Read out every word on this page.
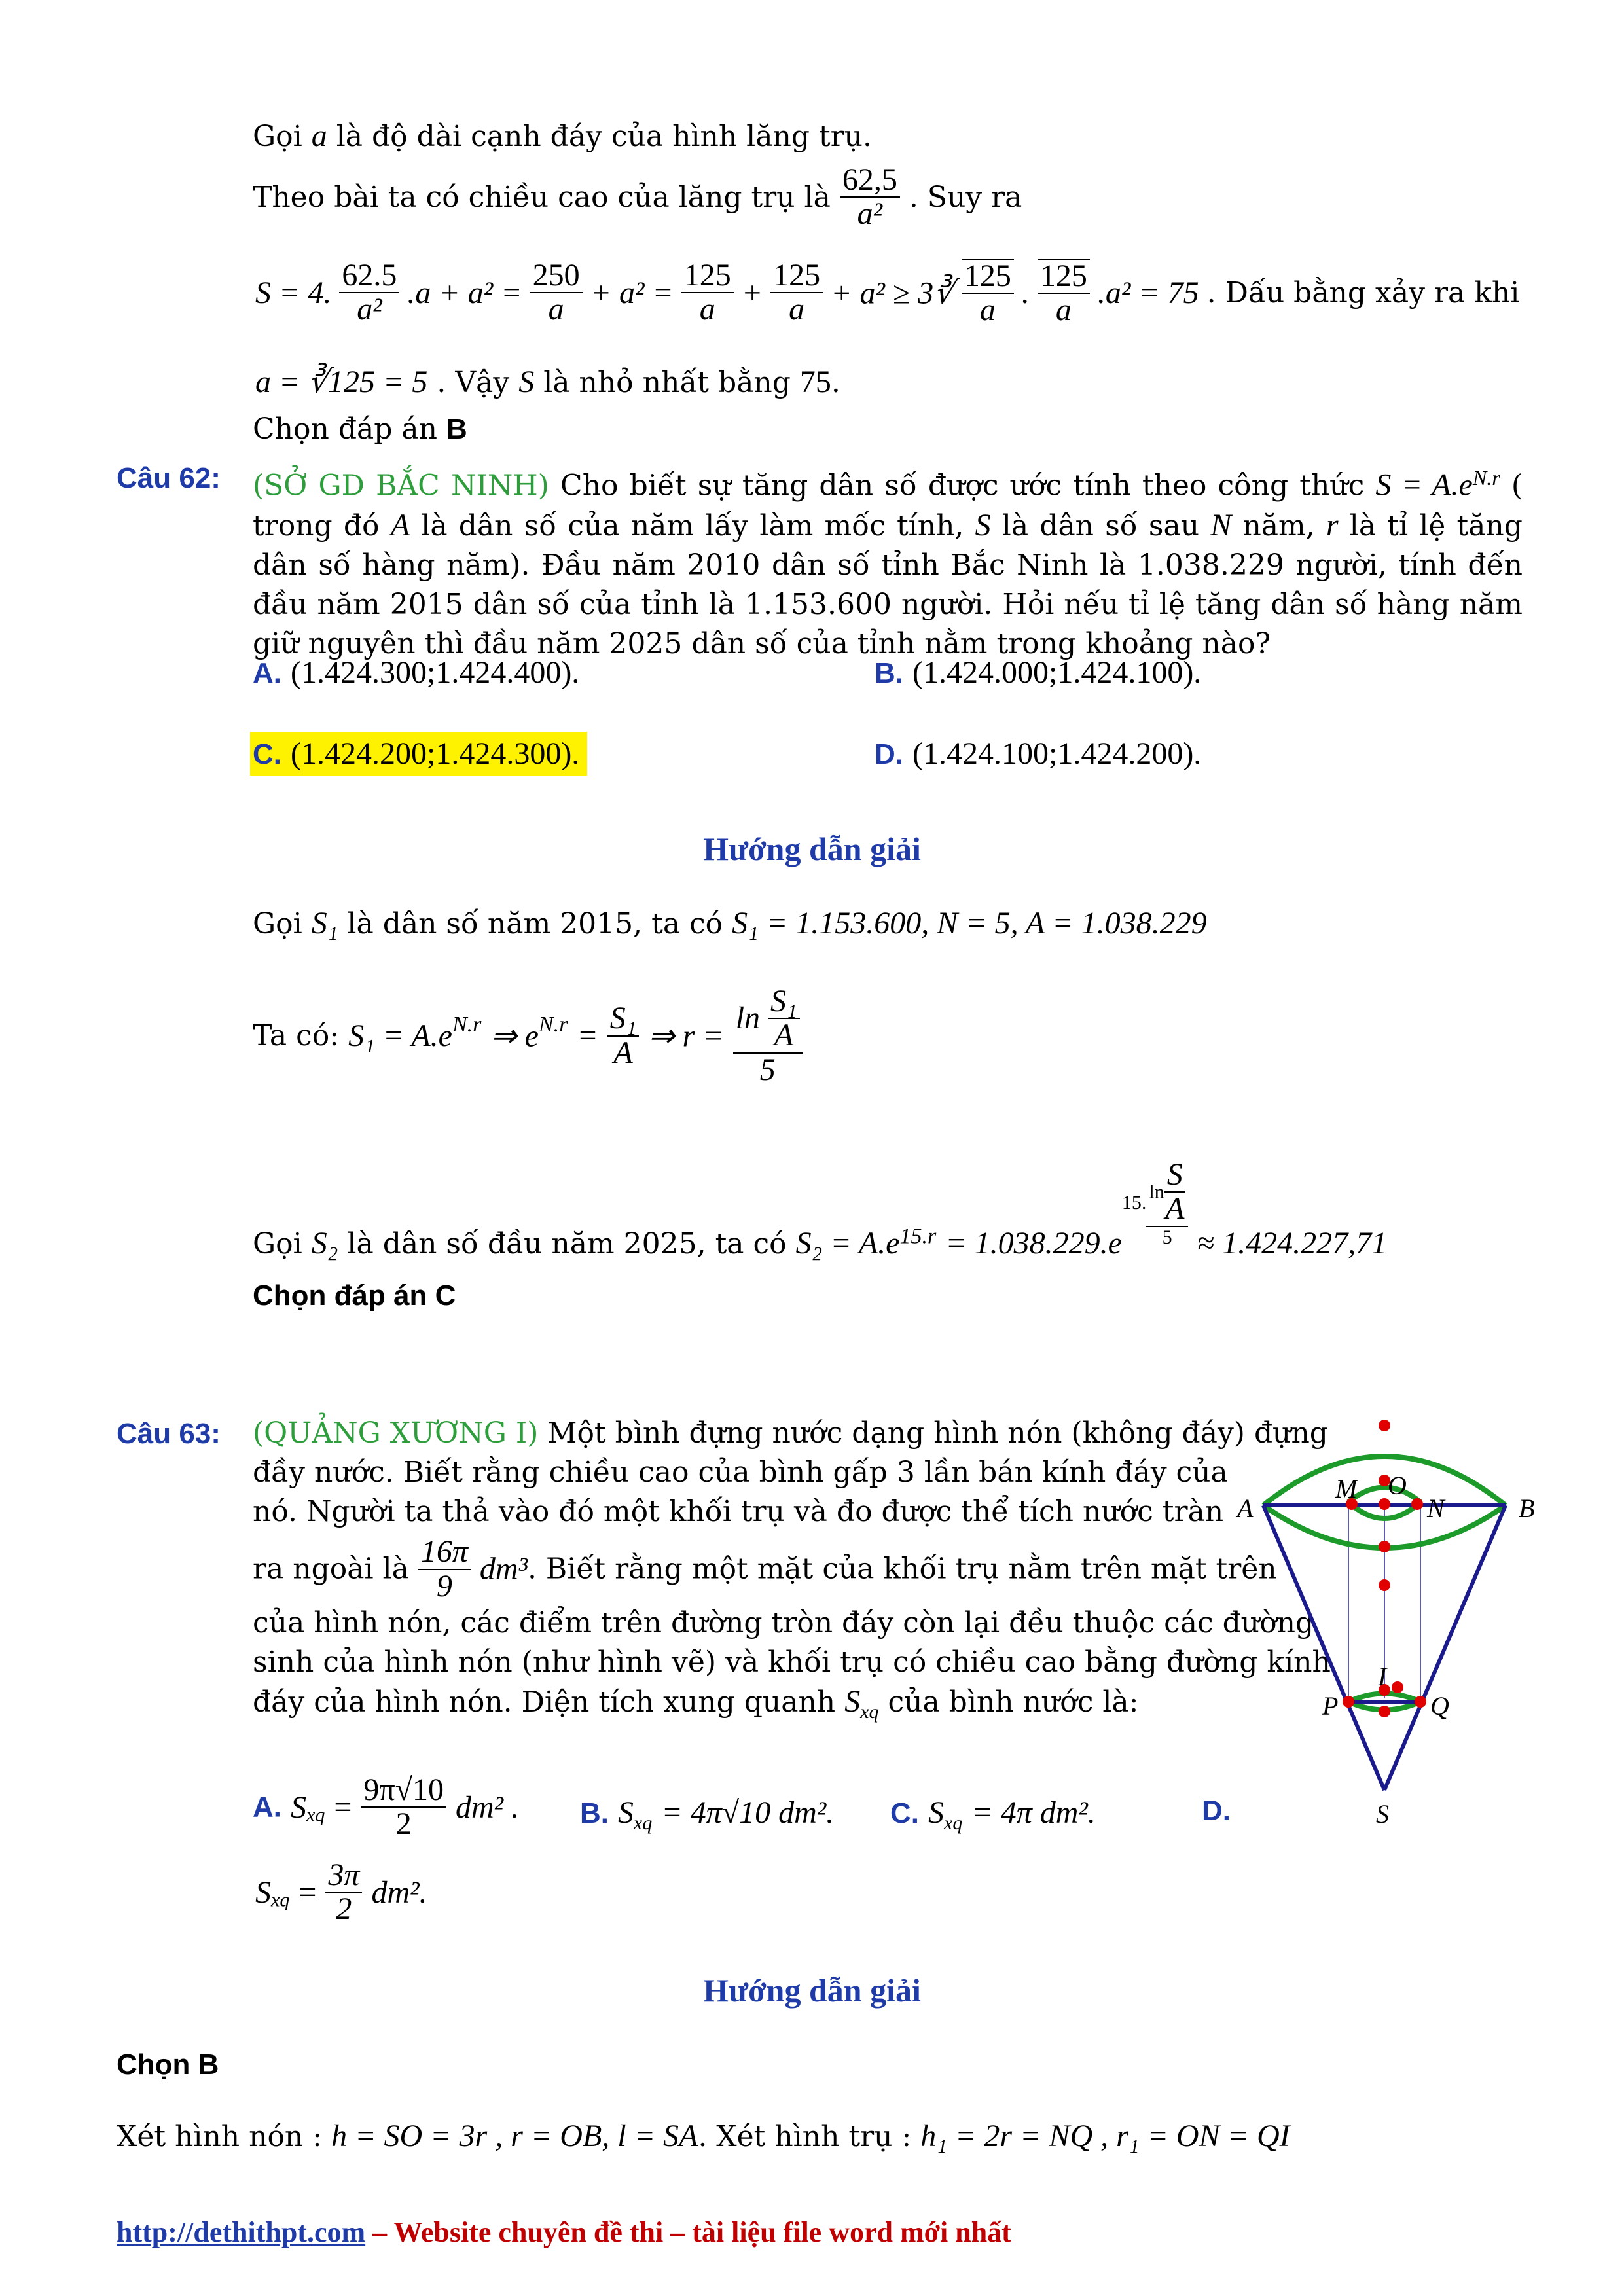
Gọi a là độ dài cạnh đáy của hình lăng trụ.
Theo bài ta có chiều cao của lăng trụ là $\frac{62,5}{\text{a²}}$ . Suy ra
S = 4. $\frac{62.5}{\text{a²}} .a + a^2 = \frac{250}{a} + a^2 = \frac{125}{a} + \frac{125}{a} + a^2$ ≥ 3∛ $\frac{125}{a}$ . $\frac{125}{a} .a^2 = 75$ . Dấu bằng xảy ra khi
a = ∛125 = 5 . Vậy S là nhỏ nhất bằng 75.
Chọn đáp án B
Câu 62: (SỞ GD BẮC NINH) Cho biết sự tăng dân số được ước tính theo công thức $S = A.e^{N.r}$ ( trong đó A là dân số của năm lấy làm mốc tính, S là dân số sau N năm, r là tỉ lệ tăng dân số hàng năm). Đầu năm 2010 dân số tỉnh Bắc Ninh là 1.038.229 người, tính đến đầu năm 2015 dân số của tỉnh là 1.153.600 người. Hỏi nếu tỉ lệ tăng dân số hàng năm giữ nguyên thì đầu năm 2025 dân số của tỉnh nằm trong khoảng nào?
A. (1.424.300;1.424.400).	B. (1.424.000;1.424.100).
C. (1.424.200;1.424.300).	D. (1.424.100;1.424.200).
Hướng dẫn giải
Gọi S₁ là dân số năm 2015, ta có S₁ = 1.153.600, N = 5, A = 1.038.229
Ta có: $S_1 = A.e^{N.r}$ ⇒ $e^{N.r} = \frac{\text{S₁}}{A}$ ⇒ $r = \frac{\ln \frac{\text{S₁}}{A}}{5}$
Gọi S₂ là dân số đầu năm 2025, ta có $S_2 = A.e^{15.r} = 1.038.229.e15$. $\frac{\ln \frac{S}{A}}{5} \approx 1.424.227,71$
Chọn đáp án C
Câu 63: (QUẢNG XƯƠNG I) Một bình đựng nước dạng hình nón (không đáy) đựng
đầy nước. Biết rằng chiều cao của bình gấp 3 lần bán kính đáy của
nó. Người ta thả vào đó một khối trụ và đo được thể tích nước tràn
ra ngoài là $\frac{16\pi}{9} dm^3$. Biết rằng một mặt của khối trụ nằm trên mặt trên
của hình nón, các điểm trên đường tròn đáy còn lại đều thuộc các đường
sinh của hình nón (như hình vẽ) và khối trụ có chiều cao bằng đường kính
đáy của hình nón. Diện tích xung quanh $S_{xq}$ của bình nước là:
A	B
M O
N
P	Q
I
S
A. $S_{xq} = \frac{9\pi√10}{2} dm^2$ . B. $S_{xq} = 4\pi√10$ dm². C. $S_{xq} = 4\pi$ dm².	D.
$S_{xq} = \frac{3\pi}{2} dm^2$.
Hướng dẫn giải
Chọn B
Xét hình nón : h = SO = 3r , r = OB, l = SA. Xét hình trụ : h₁ = 2r = NQ , r₁ = ON = QI
http://dethithpt.com – Website chuyên đề thi – tài liệu file word mới nhất
